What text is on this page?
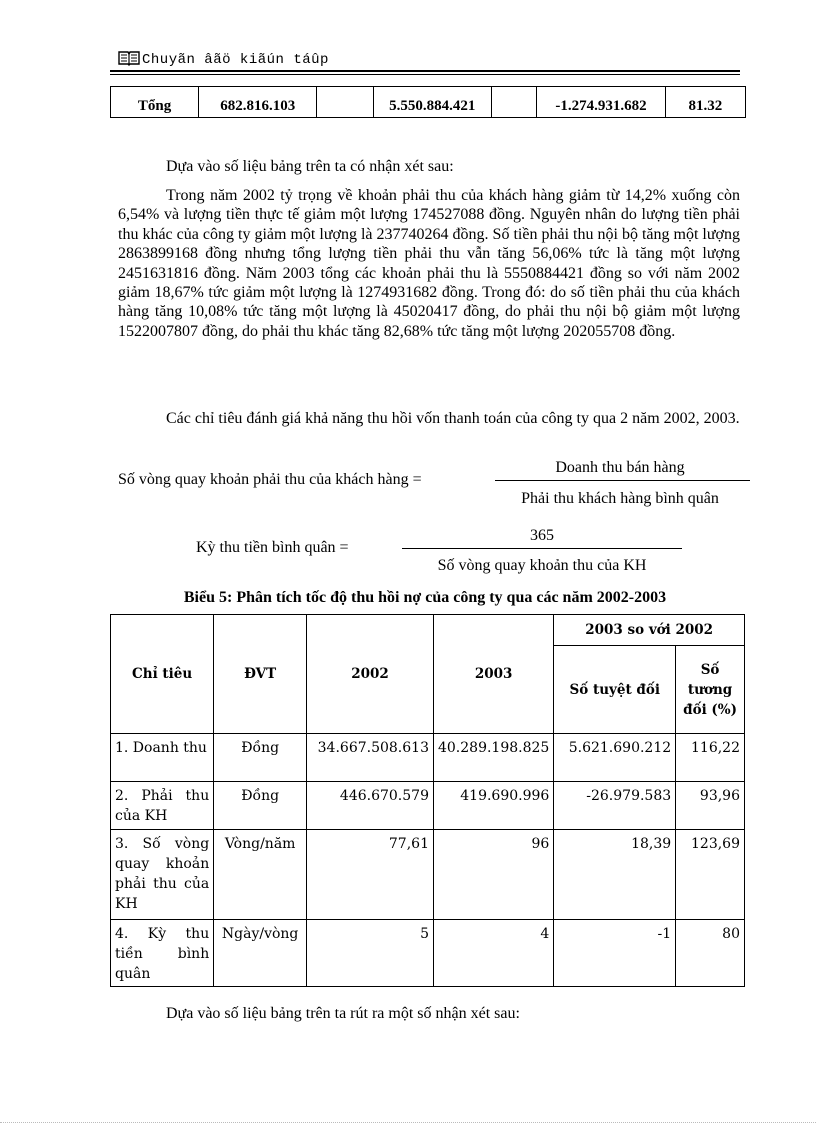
Chuyãn âãö kiãún táûp
Tổng	682.816.103		5.550.884.421		-1.274.931.682	81.32

Dựa vào số liệu bảng trên ta có nhận xét sau:

Trong năm 2002 tỷ trọng về khoản phải thu của khách hàng giảm từ 14,2% xuống còn 6,54% và lượng tiền thực tế giảm một lượng 174527088 đồng. Nguyên nhân do lượng tiền phải thu khác của công ty giảm một lượng là 237740264 đồng. Số tiền phải thu nội bộ tăng một lượng 2863899168 đồng nhưng tổng lượng tiền phải thu vẫn tăng 56,06% tức là tăng một lượng 2451631816 đồng. Năm 2003 tổng các khoản phải thu là 5550884421 đồng so với năm 2002 giảm 18,67% tức giảm một lượng là 1274931682 đồng. Trong đó: do số tiền phải thu của khách hàng tăng 10,08% tức tăng một lượng là 45020417 đồng, do phải thu nội bộ giảm một lượng 1522007807 đồng, do phải thu khác tăng 82,68% tức tăng một lượng 202055708 đồng.

Các chỉ tiêu đánh giá khả năng thu hồi vốn thanh toán của công ty qua 2 năm 2002, 2003.

Số vòng quay khoản phải thu của khách hàng =
Doanh thu bán hàng
Phải thu khách hàng bình quân
Kỳ thu tiền bình quân =
365
Số vòng quay khoản thu của KH
Biểu 5: Phân tích tốc độ thu hồi nợ của công ty qua các năm 2002-2003
Chỉ tiêu	ĐVT	2002	2003	2003 so với 2002	
				Số tuyệt đối	Số tương đối (%)
1. Doanh thu	Đồng	34.667.508.613	40.289.198.825	5.621.690.212	116,22
2. Phải thu của KH	Đồng	446.670.579	419.690.996	-26.979.583	93,96
3. Số vòng quay khoản phải thu của KH	Vòng/năm	77,61	96	18,39	123,69
4. Kỳ thu tiền bình quân	Ngày/vòng	5	4	-1	80

Dựa vào số liệu bảng trên ta rút ra một số nhận xét sau:
